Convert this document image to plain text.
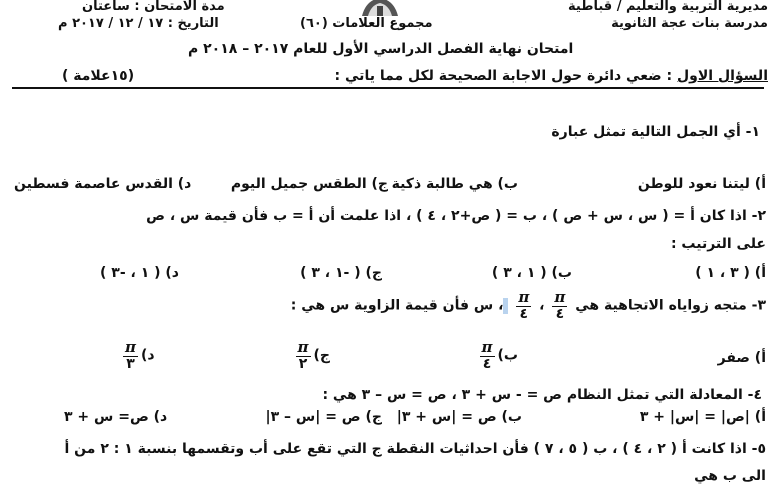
مديرية التربية والتعليم / قباطية
مدرسة بنات عجة الثانوية
مدة الامتحان : ساعتان
التاريخ : ١٧ / ١٢ / ٢٠١٧ م	مجموع العلامات (٦٠)
امتحان نهاية الفصل الدراسي الأول للعام ٢٠١٧ – ٢٠١٨ م
السؤال الاول : ضعي دائرة حول الاجابة الصحيحة لكل مما ياتي :
(١٥علامة )
١- أي الجمل التالية تمثل عبارة
أ) ليتنا نعود للوطن
ب) هي طالبة ذكية
ج) الطقس جميل اليوم
د) القدس عاصمة فسطين
٢- اذا كان أ = ( س ، س + ص ) ، ب = ( ص+٢ ، ٤ ) ، اذا علمت أن أ = ب فأن قيمة س ، ص
على الترتيب :
أ) ( ٣ ، ١ )
ب) ( ١ ، ٣ )
ج) ( -١ ، ٣ )
د) ( ١ ، -٣ )
٣- متجه زواياه الاتجاهية هي
$\frac{\pi}{٤}$
،
$\frac{\pi}{٤}$
، س فأن قيمة الزاوية س هي :
أ) صفر
ب)
$\frac{\pi}{٤}$
ج)
$\frac{\pi}{٢}$
د)
$\frac{\pi}{٣}$
٤- المعادلة التي تمثل النظام ص = - س + ٣ ، ص = س – ٣ هي :
أ) |ص| = |س| + ٣
ب) ص = |س + ٣|
ج) ص = |س – ٣|
د) ص= س + ٣
٥- اذا كانت أ ( ٢ ، ٤ ) ، ب ( ٥ ، ٧ ) فأن احداثيات النقطة ج التي تقع على أب وتقسمها بنسبة ١ : ٢ من أ
الى ب هي
